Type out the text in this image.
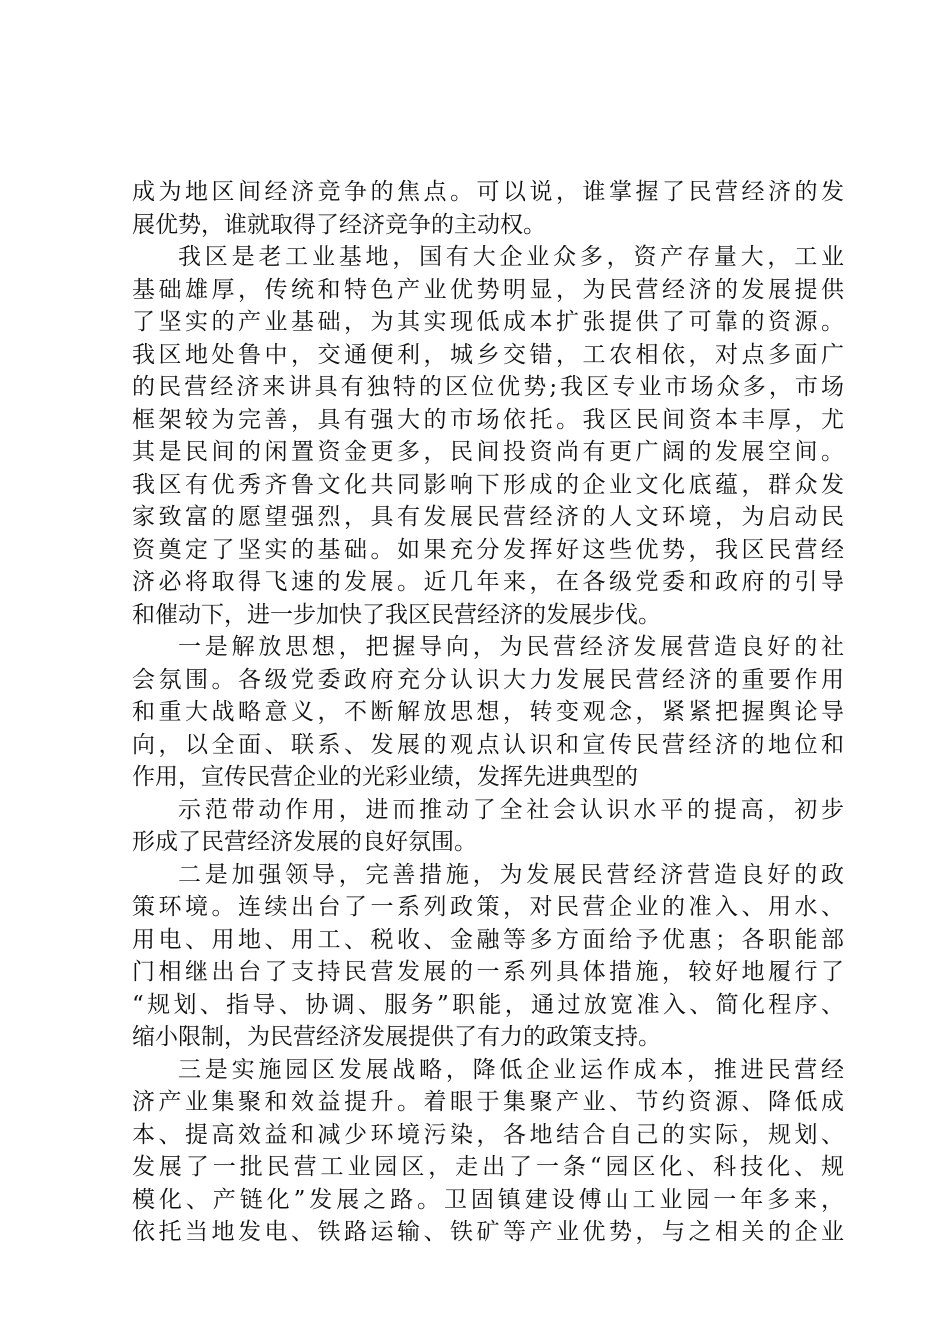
成为地区间经济竞争的焦点。可以说，谁掌握了民营经济的发
展优势，谁就取得了经济竞争的主动权。
我区是老工业基地，国有大企业众多，资产存量大，工业
基础雄厚，传统和特色产业优势明显，为民营经济的发展提供
了坚实的产业基础，为其实现低成本扩张提供了可靠的资源。
我区地处鲁中，交通便利，城乡交错，工农相依，对点多面广
的民营经济来讲具有独特的区位优势;我区专业市场众多，市场
框架较为完善，具有强大的市场依托。我区民间资本丰厚，尤
其是民间的闲置资金更多，民间投资尚有更广阔的发展空间。
我区有优秀齐鲁文化共同影响下形成的企业文化底蕴，群众发
家致富的愿望强烈，具有发展民营经济的人文环境，为启动民
资奠定了坚实的基础。如果充分发挥好这些优势，我区民营经
济必将取得飞速的发展。近几年来，在各级党委和政府的引导
和催动下，进一步加快了我区民营经济的发展步伐。
一是解放思想，把握导向，为民营经济发展营造良好的社
会氛围。各级党委政府充分认识大力发展民营经济的重要作用
和重大战略意义，不断解放思想，转变观念，紧紧把握舆论导
向，以全面、联系、发展的观点认识和宣传民营经济的地位和
作用，宣传民营企业的光彩业绩，发挥先进典型的
示范带动作用，进而推动了全社会认识水平的提高，初步
形成了民营经济发展的良好氛围。
二是加强领导，完善措施，为发展民营经济营造良好的政
策环境。连续出台了一系列政策，对民营企业的准入、用水、
用电、用地、用工、税收、金融等多方面给予优惠；各职能部
门相继出台了支持民营发展的一系列具体措施，较好地履行了
“规划、指导、协调、服务”职能，通过放宽准入、简化程序、
缩小限制，为民营经济发展提供了有力的政策支持。
三是实施园区发展战略，降低企业运作成本，推进民营经
济产业集聚和效益提升。着眼于集聚产业、节约资源、降低成
本、提高效益和减少环境污染，各地结合自己的实际，规划、
发展了一批民营工业园区，走出了一条“园区化、科技化、规
模化、产链化”发展之路。卫固镇建设傅山工业园一年多来，
依托当地发电、铁路运输、铁矿等产业优势，与之相关的企业
